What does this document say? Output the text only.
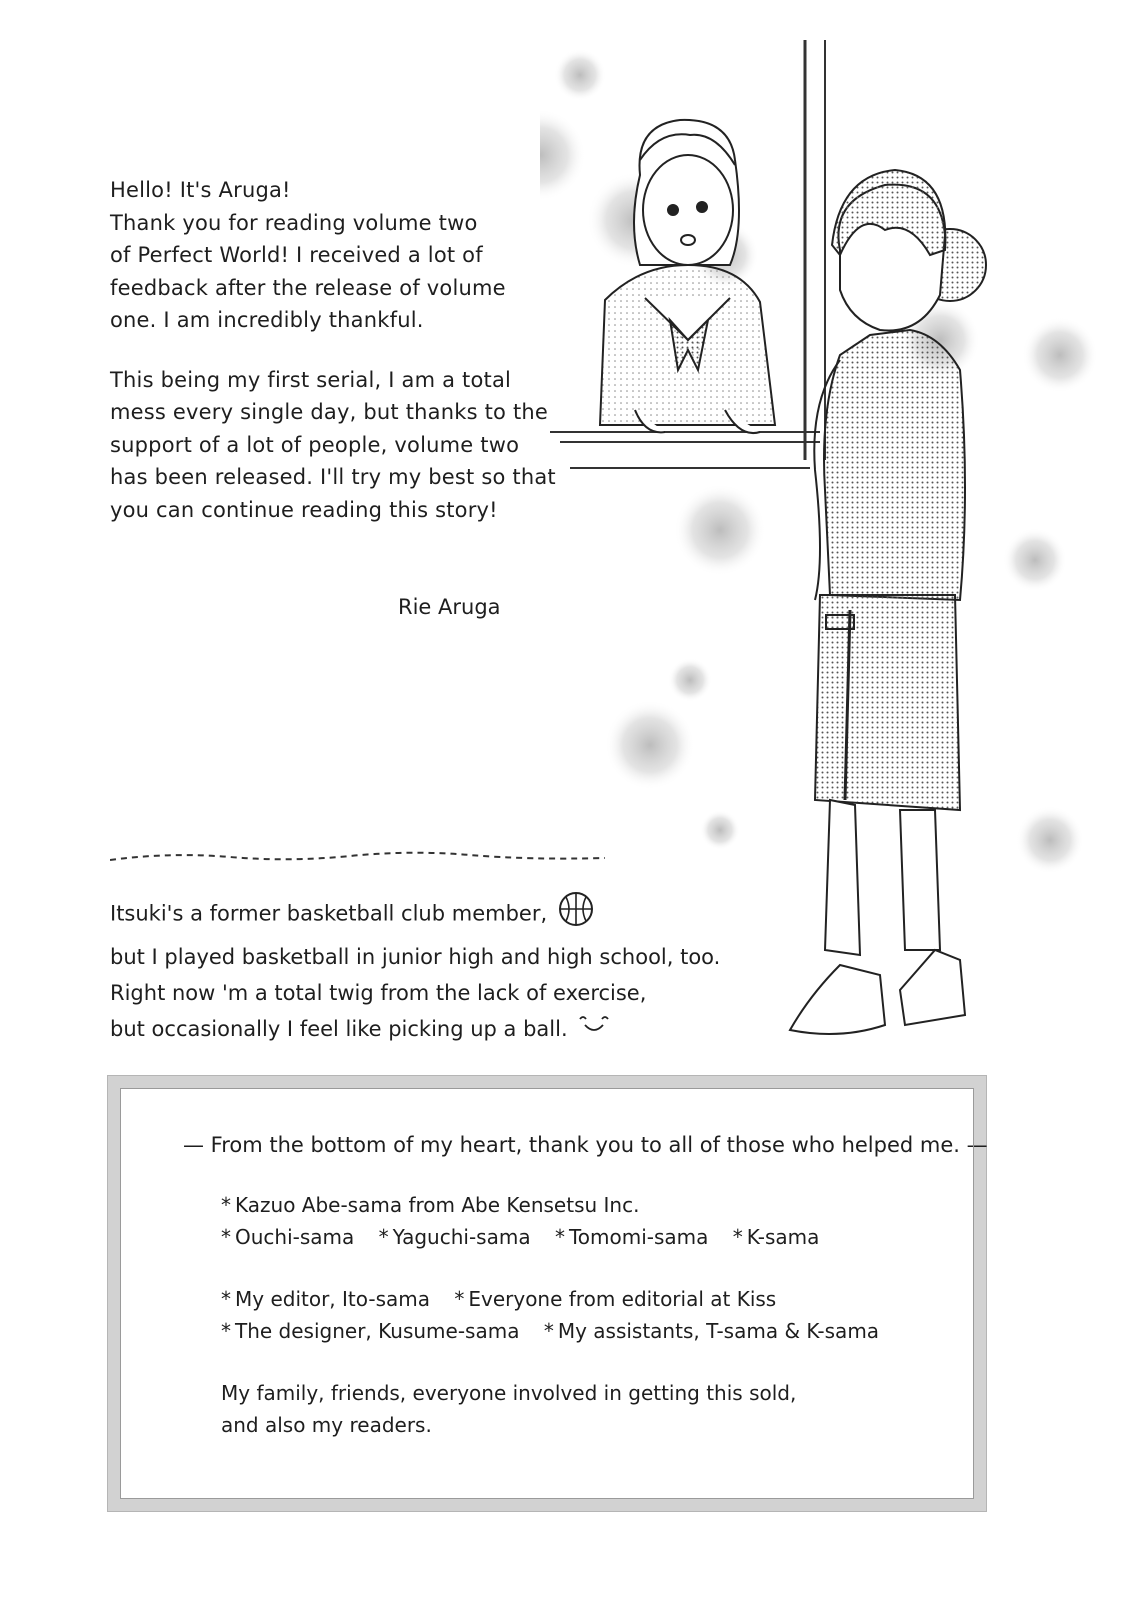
Hello! It's Aruga!
Thank you for reading volume two
of Perfect World! I received a lot of
feedback after the release of volume
one. I am incredibly thankful.

This being my first serial, I am a total
mess every single day, but thanks to the
support of a lot of people, volume two
has been released. I'll try my best so that
you can continue reading this story!

Rie Aruga
Itsuki's a former basketball club member,
but I played basketball in junior high and high school, too.
Right now 'm a total twig from the lack of exercise,
but occasionally I feel like picking up a ball.
— From the bottom of my heart, thank you to all of those who helped me. —
* Kazuo Abe-sama from Abe Kensetsu Inc.
* Ouchi-sama * Yaguchi-sama * Tomomi-sama * K-sama
* My editor, Ito-sama * Everyone from editorial at Kiss
* The designer, Kusume-sama * My assistants, T-sama & K-sama
My family, friends, everyone involved in getting this sold,
and also my readers.
